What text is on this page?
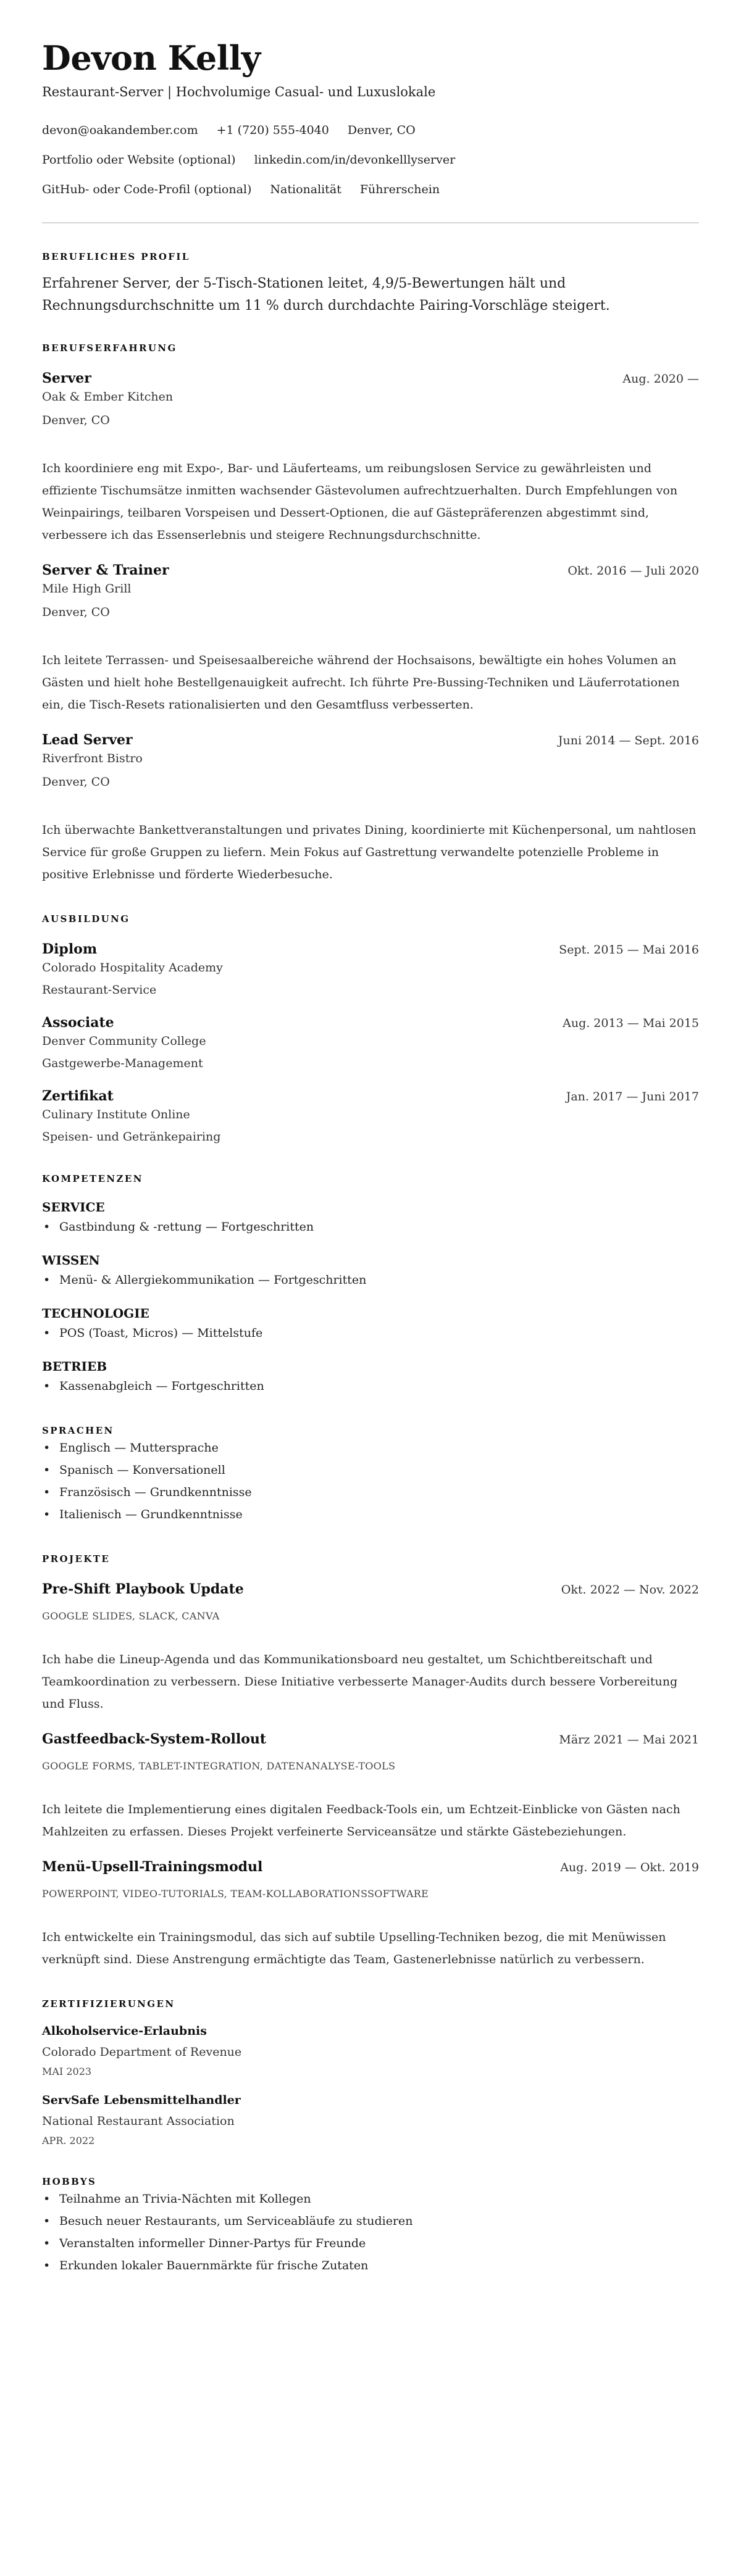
Devon Kelly
Restaurant-Server | Hochvolumige Casual- und Luxuslokale
devon@oakandember.com +1 (720) 555-4040 Denver, CO
Portfolio oder Website (optional) linkedin.com/in/devonkelllyserver
GitHub- oder Code-Profil (optional) Nationalität Führerschein
BERUFLICHES PROFIL

Erfahrener Server, der 5-Tisch-Stationen leitet, 4,9/5-Bewertungen hält und Rechnungsdurchschnitte um 11 % durch durchdachte Pairing-Vorschläge steigert.

BERUFSERFAHRUNG
Server	Aug. 2020 —
Oak & Ember Kitchen
Denver, CO
Ich koordiniere eng mit Expo-, Bar- und Läuferteams, um reibungslosen Service zu gewährleisten und effiziente Tischumsätze inmitten wachsender Gästevolumen aufrechtzuerhalten. Durch Empfehlungen von Weinpairings, teilbaren Vorspeisen und Dessert-Optionen, die auf Gästepräferenzen abgestimmt sind, verbessere ich das Essenserlebnis und steigere Rechnungsdurchschnitte.
Server & Trainer	Okt. 2016 — Juli 2020
Mile High Grill
Denver, CO
Ich leitete Terrassen- und Speisesaalbereiche während der Hochsaisons, bewältigte ein hohes Volumen an Gästen und hielt hohe Bestellgenauigkeit aufrecht. Ich führte Pre-Bussing-Techniken und Läuferrotationen ein, die Tisch-Resets rationalisierten und den Gesamtfluss verbesserten.
Lead Server	Juni 2014 — Sept. 2016
Riverfront Bistro
Denver, CO
Ich überwachte Bankettveranstaltungen und privates Dining, koordinierte mit Küchenpersonal, um nahtlosen Service für große Gruppen zu liefern. Mein Fokus auf Gastrettung verwandelte potenzielle Probleme in positive Erlebnisse und förderte Wiederbesuche.
AUSBILDUNG
Diplom	Sept. 2015 — Mai 2016
Colorado Hospitality Academy
Restaurant-Service
Associate	Aug. 2013 — Mai 2015
Denver Community College
Gastgewerbe-Management
Zertifikat	Jan. 2017 — Juni 2017
Culinary Institute Online
Speisen- und Getränkepairing
KOMPETENZEN
SERVICE
• Gastbindung & -rettung — Fortgeschritten
WISSEN
• Menü- & Allergiekommunikation — Fortgeschritten
TECHNOLOGIE
• POS (Toast, Micros) — Mittelstufe
BETRIEB
• Kassenabgleich — Fortgeschritten
SPRACHEN
• Englisch — Muttersprache
• Spanisch — Konversationell
• Französisch — Grundkenntnisse
• Italienisch — Grundkenntnisse
PROJEKTE
Pre-Shift Playbook Update	Okt. 2022 — Nov. 2022
GOOGLE SLIDES, SLACK, CANVA
Ich habe die Lineup-Agenda und das Kommunikationsboard neu gestaltet, um Schichtbereitschaft und Teamkoordination zu verbessern. Diese Initiative verbesserte Manager-Audits durch bessere Vorbereitung und Fluss.
Gastfeedback-System-Rollout	März 2021 — Mai 2021
GOOGLE FORMS, TABLET-INTEGRATION, DATENANALYSE-TOOLS
Ich leitete die Implementierung eines digitalen Feedback-Tools ein, um Echtzeit-Einblicke von Gästen nach Mahlzeiten zu erfassen. Dieses Projekt verfeinerte Serviceansätze und stärkte Gästebeziehungen.
Menü-Upsell-Trainingsmodul	Aug. 2019 — Okt. 2019
POWERPOINT, VIDEO-TUTORIALS, TEAM-KOLLABORATIONSSOFTWARE
Ich entwickelte ein Trainingsmodul, das sich auf subtile Upselling-Techniken bezog, die mit Menüwissen verknüpft sind. Diese Anstrengung ermächtigte das Team, Gastenerlebnisse natürlich zu verbessern.
ZERTIFIZIERUNGEN
Alkoholservice-Erlaubnis
Colorado Department of Revenue
MAI 2023
ServSafe Lebensmittelhandler
National Restaurant Association
APR. 2022
HOBBYS
• Teilnahme an Trivia-Nächten mit Kollegen
• Besuch neuer Restaurants, um Serviceabläufe zu studieren
• Veranstalten informeller Dinner-Partys für Freunde
• Erkunden lokaler Bauernmärkte für frische Zutaten
